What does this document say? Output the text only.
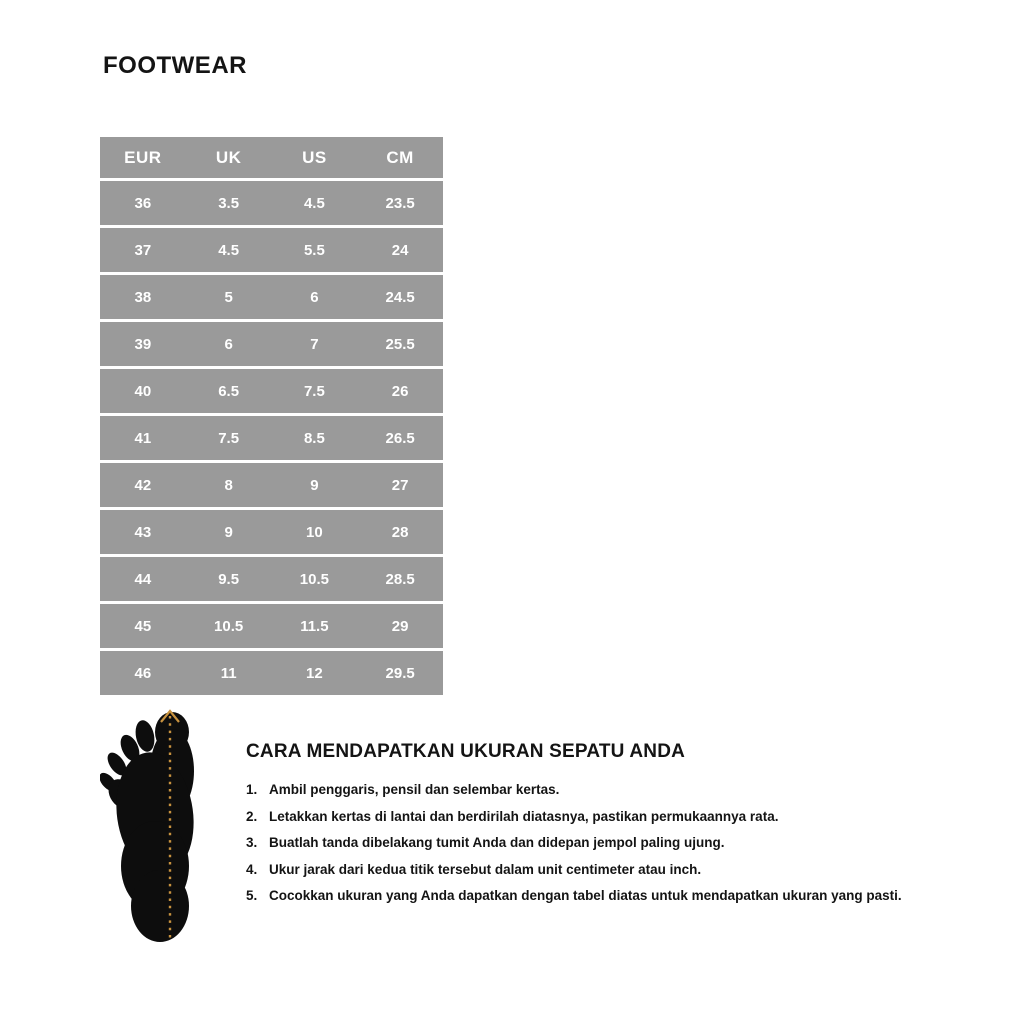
FOOTWEAR
EUR	UK	US	CM
36	3.5	4.5	23.5
37	4.5	5.5	24
38	5	6	24.5
39	6	7	25.5
40	6.5	7.5	26
41	7.5	8.5	26.5
42	8	9	27
43	9	10	28
44	9.5	10.5	28.5
45	10.5	11.5	29
46	11	12	29.5
CARA MENDAPATKAN UKURAN SEPATU ANDA
1. Ambil penggaris, pensil dan selembar kertas.
2. Letakkan kertas di lantai dan berdirilah diatasnya, pastikan permukaannya rata.
3. Buatlah tanda dibelakang tumit Anda dan didepan jempol paling ujung.
4. Ukur jarak dari kedua titik tersebut dalam unit centimeter atau inch.
5. Cocokkan ukuran yang Anda dapatkan dengan tabel diatas untuk mendapatkan ukuran yang pasti.
